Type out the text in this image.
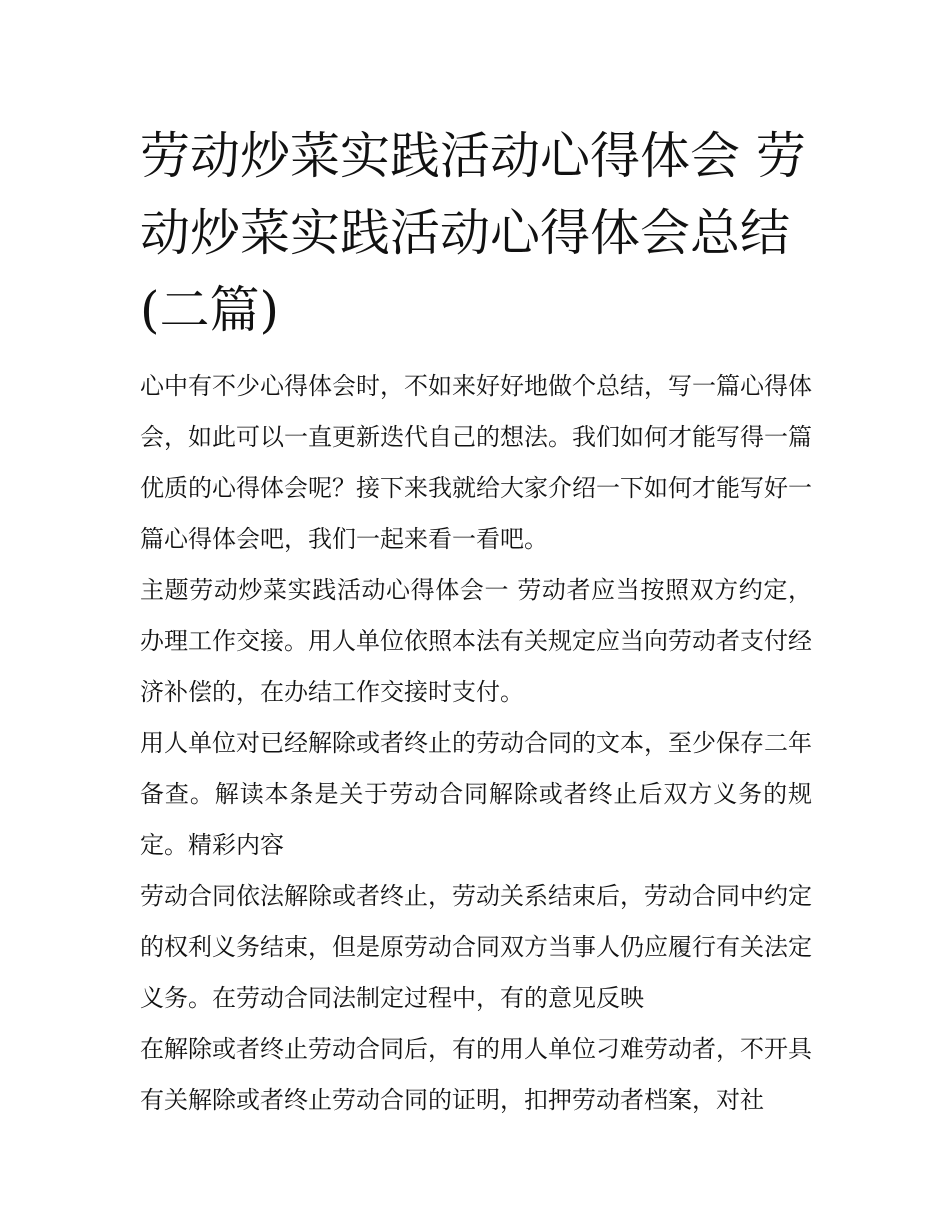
劳动炒菜实践活动心得体会 劳动炒菜实践活动心得体会总结(二篇)

心中有不少心得体会时，不如来好好地做个总结，写一篇心得体会，如此可以一直更新迭代自己的想法。我们如何才能写得一篇优质的心得体会呢？接下来我就给大家介绍一下如何才能写好一篇心得体会吧，我们一起来看一看吧。

主题劳动炒菜实践活动心得体会一 劳动者应当按照双方约定，办理工作交接。用人单位依照本法有关规定应当向劳动者支付经济补偿的，在办结工作交接时支付。

用人单位对已经解除或者终止的劳动合同的文本，至少保存二年备查。解读本条是关于劳动合同解除或者终止后双方义务的规定。精彩内容

劳动合同依法解除或者终止，劳动关系结束后，劳动合同中约定的权利义务结束，但是原劳动合同双方当事人仍应履行有关法定义务。在劳动合同法制定过程中，有的意见反映

在解除或者终止劳动合同后，有的用人单位刁难劳动者，不开具有关解除或者终止劳动合同的证明，扣押劳动者档案，对社
